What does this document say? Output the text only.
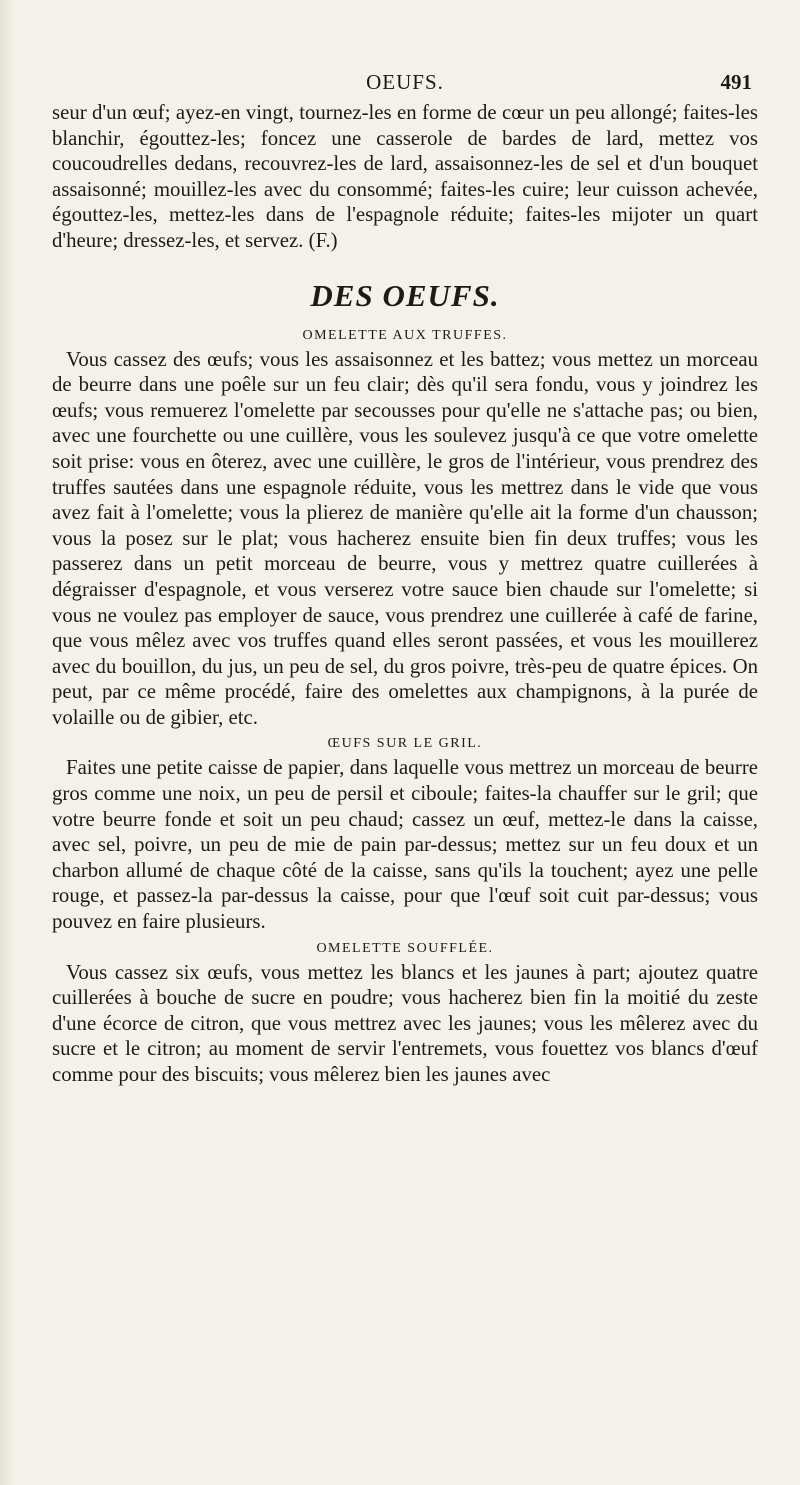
OEUFS.	491

seur d'un œuf; ayez-en vingt, tournez-les en forme de cœur un peu allongé; faites-les blanchir, égouttez-les; foncez une casserole de bardes de lard, mettez vos coucoudrelles dedans, recouvrez-les de lard, assaisonnez-les de sel et d'un bouquet assaisonné; mouillez-les avec du consommé; faites-les cuire; leur cuisson achevée, égouttez-les, mettez-les dans de l'espagnole réduite; faites-les mijoter un quart d'heure; dressez-les, et servez. (F.)

DES OEUFS.
OMELETTE AUX TRUFFES.

Vous cassez des œufs; vous les assaisonnez et les battez; vous mettez un morceau de beurre dans une poêle sur un feu clair; dès qu'il sera fondu, vous y joindrez les œufs; vous remuerez l'omelette par secousses pour qu'elle ne s'attache pas; ou bien, avec une fourchette ou une cuillère, vous les soulevez jusqu'à ce que votre omelette soit prise: vous en ôterez, avec une cuillère, le gros de l'intérieur, vous prendrez des truffes sautées dans une espagnole réduite, vous les mettrez dans le vide que vous avez fait à l'omelette; vous la plierez de manière qu'elle ait la forme d'un chausson; vous la posez sur le plat; vous hacherez ensuite bien fin deux truffes; vous les passerez dans un petit morceau de beurre, vous y mettrez quatre cuillerées à dégraisser d'espagnole, et vous verserez votre sauce bien chaude sur l'omelette; si vous ne voulez pas employer de sauce, vous prendrez une cuillerée à café de farine, que vous mêlez avec vos truffes quand elles seront passées, et vous les mouillerez avec du bouillon, du jus, un peu de sel, du gros poivre, très-peu de quatre épices. On peut, par ce même procédé, faire des omelettes aux champignons, à la purée de volaille ou de gibier, etc.

ŒUFS SUR LE GRIL.

Faites une petite caisse de papier, dans laquelle vous mettrez un morceau de beurre gros comme une noix, un peu de persil et ciboule; faites-la chauffer sur le gril; que votre beurre fonde et soit un peu chaud; cassez un œuf, mettez-le dans la caisse, avec sel, poivre, un peu de mie de pain par-dessus; mettez sur un feu doux et un charbon allumé de chaque côté de la caisse, sans qu'ils la touchent; ayez une pelle rouge, et passez-la par-dessus la caisse, pour que l'œuf soit cuit par-dessus; vous pouvez en faire plusieurs.

OMELETTE SOUFFLÉE.

Vous cassez six œufs, vous mettez les blancs et les jaunes à part; ajoutez quatre cuillerées à bouche de sucre en poudre; vous hacherez bien fin la moitié du zeste d'une écorce de citron, que vous mettrez avec les jaunes; vous les mêlerez avec du sucre et le citron; au moment de servir l'entremets, vous fouettez vos blancs d'œuf comme pour des biscuits; vous mêlerez bien les jaunes avec
